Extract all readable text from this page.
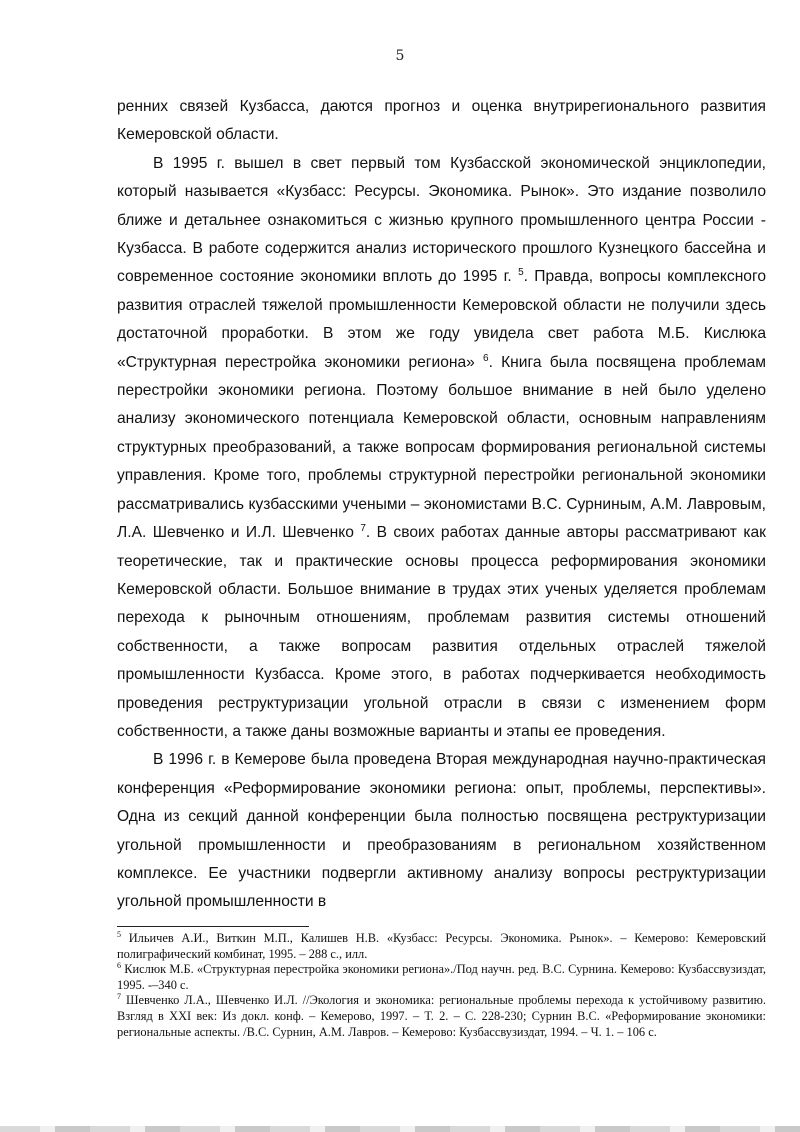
5

ренних связей Кузбасса, даются прогноз и оценка внутрирегионального развития Кемеровской области.

В 1995 г. вышел в свет первый том Кузбасской экономической энциклопедии, который называется «Кузбасс: Ресурсы. Экономика. Рынок». Это издание позволило ближе и детальнее ознакомиться с жизнью крупного промышленного центра России - Кузбасса. В работе содержится анализ исторического прошлого Кузнецкого бассейна и современное состояние экономики вплоть до 1995 г. $^5$. Правда, вопросы комплексного развития отраслей тяжелой промышленности Кемеровской области не получили здесь достаточной проработки. В этом же году увидела свет работа М.Б. Кислюка «Структурная перестройка экономики региона» $^6$. Книга была посвящена проблемам перестройки экономики региона. Поэтому большое внимание в ней было уделено анализу экономического потенциала Кемеровской области, основным направлениям структурных преобразований, а также вопросам формирования региональной системы управления. Кроме того, проблемы структурной перестройки региональной экономики рассматривались кузбасскими учеными – экономистами В.С. Сурниным, А.М. Лавровым, Л.А. Шевченко и И.Л. Шевченко $^7$. В своих работах данные авторы рассматривают как теоретические, так и практические основы процесса реформирования экономики Кемеровской области. Большое внимание в трудах этих ученых уделяется проблемам перехода к рыночным отношениям, проблемам развития системы отношений собственности, а также вопросам развития отдельных отраслей тяжелой промышленности Кузбасса. Кроме этого, в работах подчеркивается необходимость проведения реструктуризации угольной отрасли в связи с изменением форм собственности, а также даны возможные варианты и этапы ее проведения.

В 1996 г. в Кемерове была проведена Вторая международная научно-практическая конференция «Реформирование экономики региона: опыт, проблемы, перспективы». Одна из секций данной конференции была полностью посвящена реструктуризации угольной промышленности и преобразованиям в региональном хозяйственном комплексе. Ее участники подвергли активному анализу вопросы реструктуризации угольной промышленности в

$^5$ Ильичев А.И., Виткин М.П., Калишев Н.В. «Кузбасс: Ресурсы. Экономика. Рынок». – Кемерово: Кемеровский полиграфический комбинат, 1995. – 288 с., илл.

$^6$ Кислюк М.Б. «Структурная перестройка экономики региона»./Под научн. ред. В.С. Сурнина. Кемерово: Кузбассвузиздат, 1995. -–340 с.

$^7$ Шевченко Л.А., Шевченко И.Л. //Экология и экономика: региональные проблемы перехода к устойчивому развитию. Взгляд в XXI век: Из докл. конф. – Кемерово, 1997. – Т. 2. – С. 228-230; Сурнин В.С. «Реформирование экономики: региональные аспекты. /В.С. Сурнин, А.М. Лавров. – Кемерово: Кузбассвузиздат, 1994. – Ч. 1. – 106 с.
